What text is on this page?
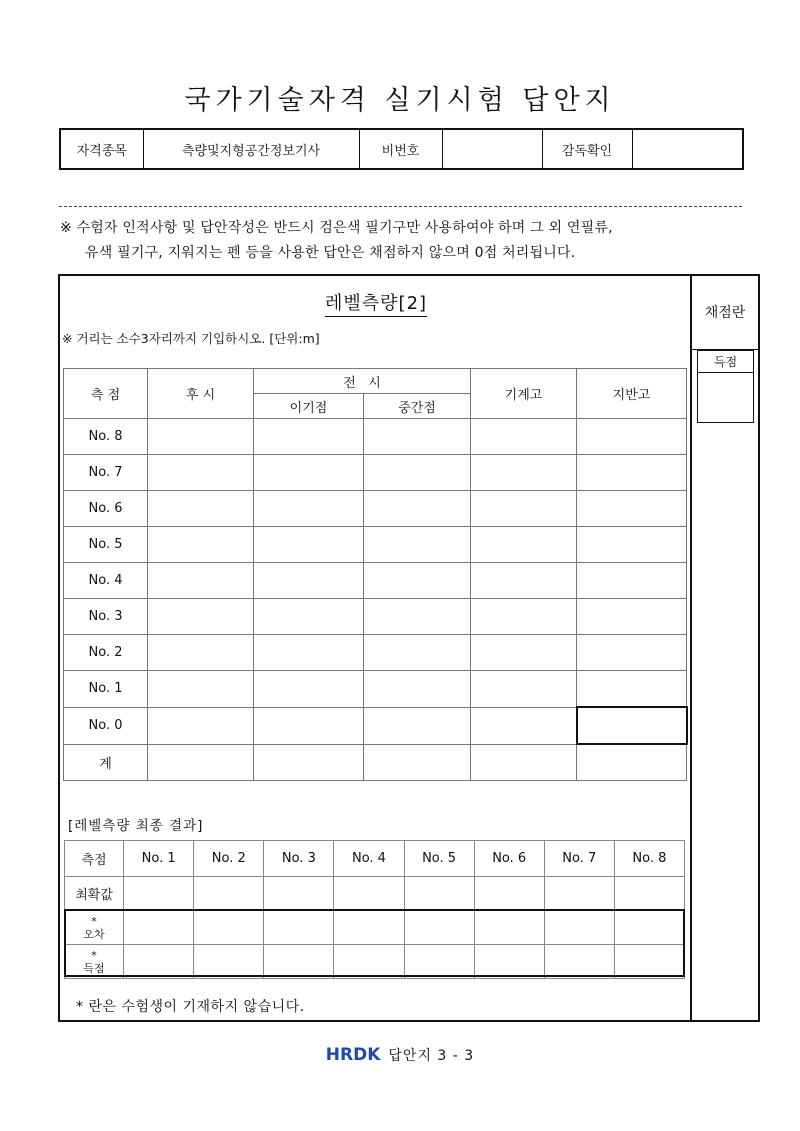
국가기술자격 실기시험 답안지
자격종목	측량및지형공간정보기사	비번호		감독확인	
※ 수험자 인적사항 및 답안작성은 반드시 검은색 필기구만 사용하여야 하며 그 외 연필류,
유색 필기구, 지워지는 펜 등을 사용한 답안은 채점하지 않으며 0점 처리됩니다.
채점란
득점
레벨측량[2]
※ 거리는 소수3자리까지 기입하시오. [단위:m]
측 점	후 시	전   시		기계고	지반고
		이기점	중간점		
No. 8					
No. 7					
No. 6					
No. 5					
No. 4					
No. 3					
No. 2					
No. 1					
No. 0					
계					
[레벨측량 최종 결과]
측점	No. 1	No. 2	No. 3	No. 4	No. 5	No. 6	No. 7	No. 8
최확값								

*
오차								

*
득점								

* 란은 수험생이 기재하지 않습니다.
HRDK 답안지 3 - 3
